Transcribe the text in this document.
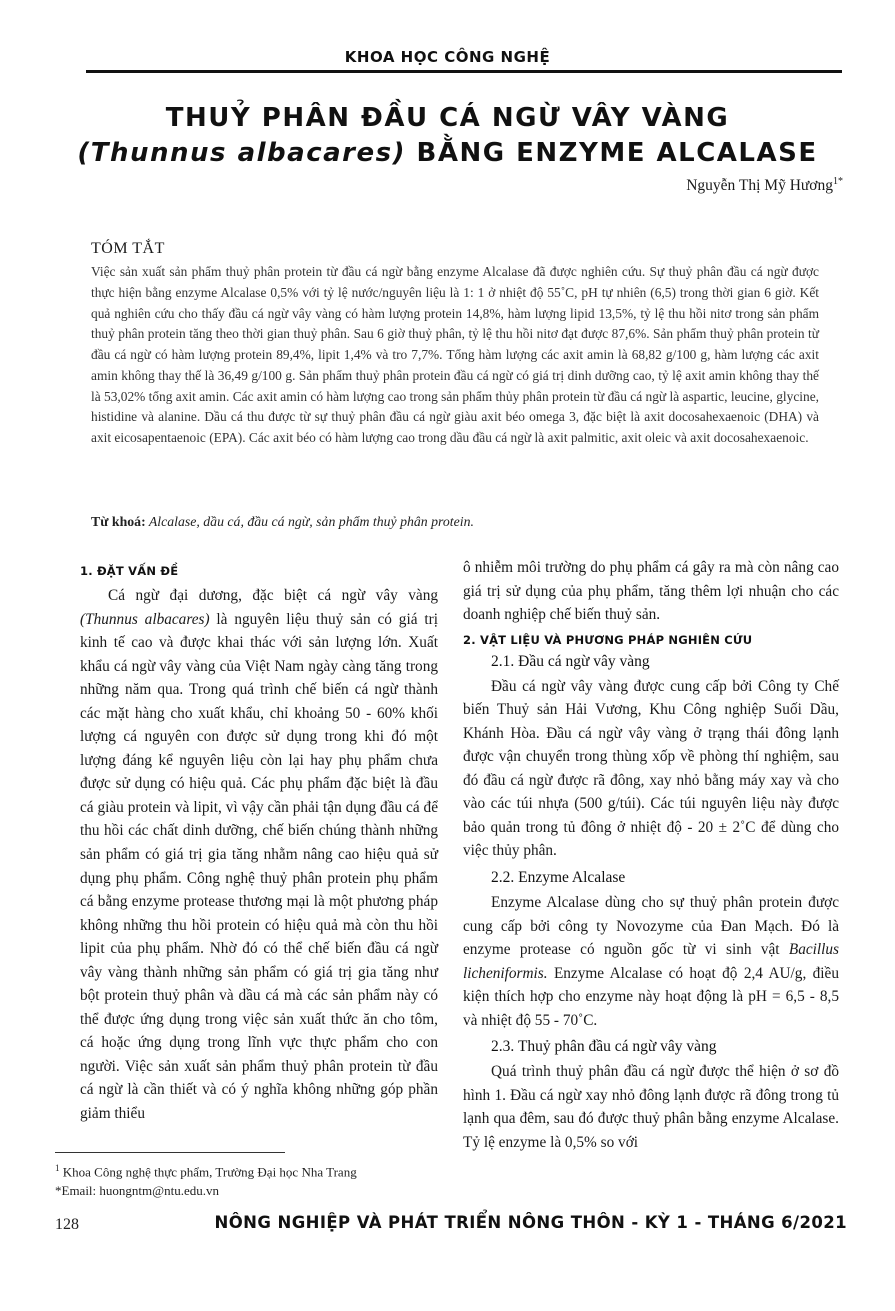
KHOA HỌC CÔNG NGHỆ
THUỶ PHÂN ĐẦU CÁ NGỪ VÂY VÀNG
(Thunnus albacares) BẰNG ENZYME ALCALASE
Nguyễn Thị Mỹ Hương$^{1*}$
TÓM TẮT
Việc sản xuất sản phẩm thuỷ phân protein từ đầu cá ngừ bằng enzyme Alcalase đã được nghiên cứu. Sự thuỷ phân đầu cá ngừ được thực hiện bằng enzyme Alcalase 0,5% với tỷ lệ nước/nguyên liệu là 1: 1 ở nhiệt độ 55˚C, pH tự nhiên (6,5) trong thời gian 6 giờ. Kết quả nghiên cứu cho thấy đầu cá ngừ vây vàng có hàm lượng protein 14,8%, hàm lượng lipid 13,5%, tỷ lệ thu hồi nitơ trong sản phẩm thuỷ phân protein tăng theo thời gian thuỷ phân. Sau 6 giờ thuỷ phân, tỷ lệ thu hồi nitơ đạt được 87,6%. Sản phẩm thuỷ phân protein từ đầu cá ngừ có hàm lượng protein 89,4%, lipit 1,4% và tro 7,7%. Tổng hàm lượng các axit amin là 68,82 g/100 g, hàm lượng các axit amin không thay thế là 36,49 g/100 g. Sản phẩm thuỷ phân protein đầu cá ngừ có giá trị dinh dưỡng cao, tỷ lệ axit amin không thay thế là 53,02% tổng axit amin. Các axit amin có hàm lượng cao trong sản phẩm thủy phân protein từ đầu cá ngừ là aspartic, leucine, glycine, histidine và alanine. Dầu cá thu được từ sự thuỷ phân đầu cá ngừ giàu axit béo omega 3, đặc biệt là axit docosahexaenoic (DHA) và axit eicosapentaenoic (EPA). Các axit béo có hàm lượng cao trong dầu đầu cá ngừ là axit palmitic, axit oleic và axit docosahexaenoic.
Từ khoá: Alcalase, dầu cá, đầu cá ngừ, sản phẩm thuỷ phân protein.
1. ĐẶT VẤN ĐỀ

Cá ngừ đại dương, đặc biệt cá ngừ vây vàng (Thunnus albacares) là nguyên liệu thuỷ sản có giá trị kinh tế cao và được khai thác với sản lượng lớn. Xuất khẩu cá ngừ vây vàng của Việt Nam ngày càng tăng trong những năm qua. Trong quá trình chế biến cá ngừ thành các mặt hàng cho xuất khẩu, chỉ khoảng 50 - 60% khối lượng cá nguyên con được sử dụng trong khi đó một lượng đáng kể nguyên liệu còn lại hay phụ phẩm chưa được sử dụng có hiệu quả. Các phụ phẩm đặc biệt là đầu cá giàu protein và lipit, vì vậy cần phải tận dụng đầu cá để thu hồi các chất dinh dưỡng, chế biến chúng thành những sản phẩm có giá trị gia tăng nhằm nâng cao hiệu quả sử dụng phụ phẩm. Công nghệ thuỷ phân protein phụ phẩm cá bằng enzyme protease thương mại là một phương pháp không những thu hồi protein có hiệu quả mà còn thu hồi lipit của phụ phẩm. Nhờ đó có thể chế biến đầu cá ngừ vây vàng thành những sản phẩm có giá trị gia tăng như bột protein thuỷ phân và dầu cá mà các sản phẩm này có thể được ứng dụng trong việc sản xuất thức ăn cho tôm, cá hoặc ứng dụng trong lĩnh vực thực phẩm cho con người. Việc sản xuất sản phẩm thuỷ phân protein từ đầu cá ngừ là cần thiết và có ý nghĩa không những góp phần giảm thiểu

ô nhiễm môi trường do phụ phẩm cá gây ra mà còn nâng cao giá trị sử dụng của phụ phẩm, tăng thêm lợi nhuận cho các doanh nghiệp chế biến thuỷ sản.

2. VẬT LIỆU VÀ PHƯƠNG PHÁP NGHIÊN CỨU
2.1. Đầu cá ngừ vây vàng

Đầu cá ngừ vây vàng được cung cấp bởi Công ty Chế biến Thuỷ sản Hải Vương, Khu Công nghiệp Suối Dầu, Khánh Hòa. Đầu cá ngừ vây vàng ở trạng thái đông lạnh được vận chuyển trong thùng xốp về phòng thí nghiệm, sau đó đầu cá ngừ được rã đông, xay nhỏ bằng máy xay và cho vào các túi nhựa (500 g/túi). Các túi nguyên liệu này được bảo quản trong tủ đông ở nhiệt độ - 20 ± 2˚C để dùng cho việc thủy phân.

2.2. Enzyme Alcalase

Enzyme Alcalase dùng cho sự thuỷ phân protein được cung cấp bởi công ty Novozyme của Đan Mạch. Đó là enzyme protease có nguồn gốc từ vi sinh vật Bacillus licheniformis. Enzyme Alcalase có hoạt độ 2,4 AU/g, điều kiện thích hợp cho enzyme này hoạt động là pH = 6,5 - 8,5 và nhiệt độ 55 - 70˚C.

2.3. Thuỷ phân đầu cá ngừ vây vàng

Quá trình thuỷ phân đầu cá ngừ được thể hiện ở sơ đồ hình 1. Đầu cá ngừ xay nhỏ đông lạnh được rã đông trong tủ lạnh qua đêm, sau đó được thuỷ phân bằng enzyme Alcalase. Tỷ lệ enzyme là 0,5% so với

$^1$ Khoa Công nghệ thực phẩm, Trường Đại học Nha Trang
*Email: huongntm@ntu.edu.vn
128	NÔNG NGHIỆP VÀ PHÁT TRIỂN NÔNG THÔN - KỲ 1 - THÁNG 6/2021
